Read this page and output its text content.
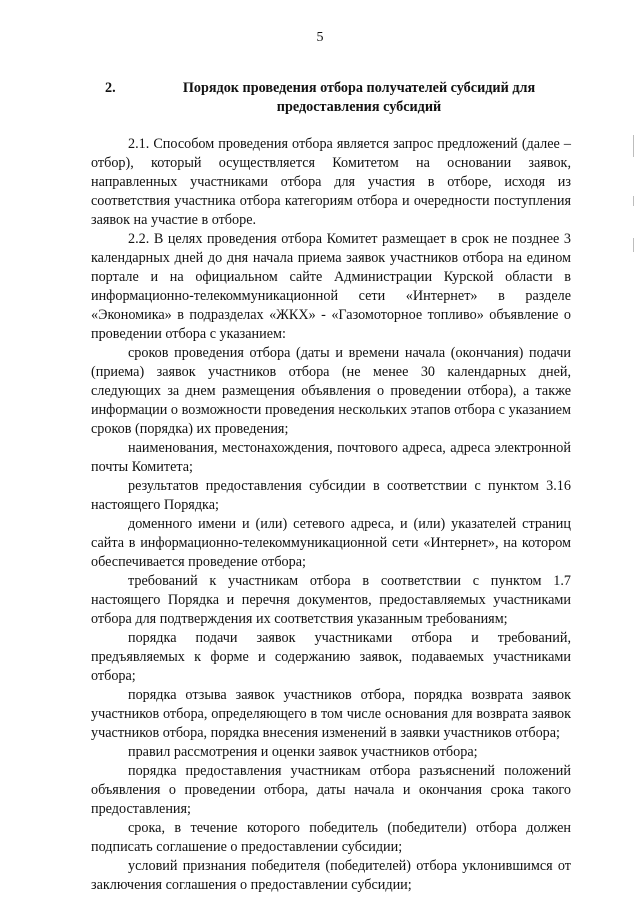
5
2.	Порядок проведения отбора получателей субсидий для предоставления субсидий

2.1. Способом проведения отбора является запрос предложений (далее – отбор), который осуществляется Комитетом на основании заявок, направленных участниками отбора для участия в отборе, исходя из соответствия участника отбора категориям отбора и очередности поступления заявок на участие в отборе.

2.2. В целях проведения отбора Комитет размещает в срок не позднее 3 календарных дней до дня начала приема заявок участников отбора на едином портале и на официальном сайте Администрации Курской области в информационно-телекоммуникационной сети «Интернет» в разделе «Экономика» в подразделах «ЖКХ» - «Газомоторное топливо» объявление о проведении отбора с указанием:

сроков проведения отбора (даты и времени начала (окончания) подачи (приема) заявок участников отбора (не менее 30 календарных дней, следующих за днем размещения объявления о проведении отбора), а также информации о возможности проведения нескольких этапов отбора с указанием сроков (порядка) их проведения;

наименования, местонахождения, почтового адреса, адреса электронной почты Комитета;

результатов предоставления субсидии в соответствии с пунктом 3.16 настоящего Порядка;

доменного имени и (или) сетевого адреса, и (или) указателей страниц сайта в информационно-телекоммуникационной сети «Интернет», на котором обеспечивается проведение отбора;

требований к участникам отбора в соответствии с пунктом 1.7 настоящего Порядка и перечня документов, предоставляемых участниками отбора для подтверждения их соответствия указанным требованиям;

порядка подачи заявок участниками отбора и требований, предъявляемых к форме и содержанию заявок, подаваемых участниками отбора;

порядка отзыва заявок участников отбора, порядка возврата заявок участников отбора, определяющего в том числе основания для возврата заявок участников отбора, порядка внесения изменений в заявки участников отбора;

правил рассмотрения и оценки заявок участников отбора;

порядка предоставления участникам отбора разъяснений положений объявления о проведении отбора, даты начала и окончания срока такого предоставления;

срока, в течение которого победитель (победители) отбора должен подписать соглашение о предоставлении субсидии;

условий признания победителя (победителей) отбора уклонившимся от заключения соглашения о предоставлении субсидии;
